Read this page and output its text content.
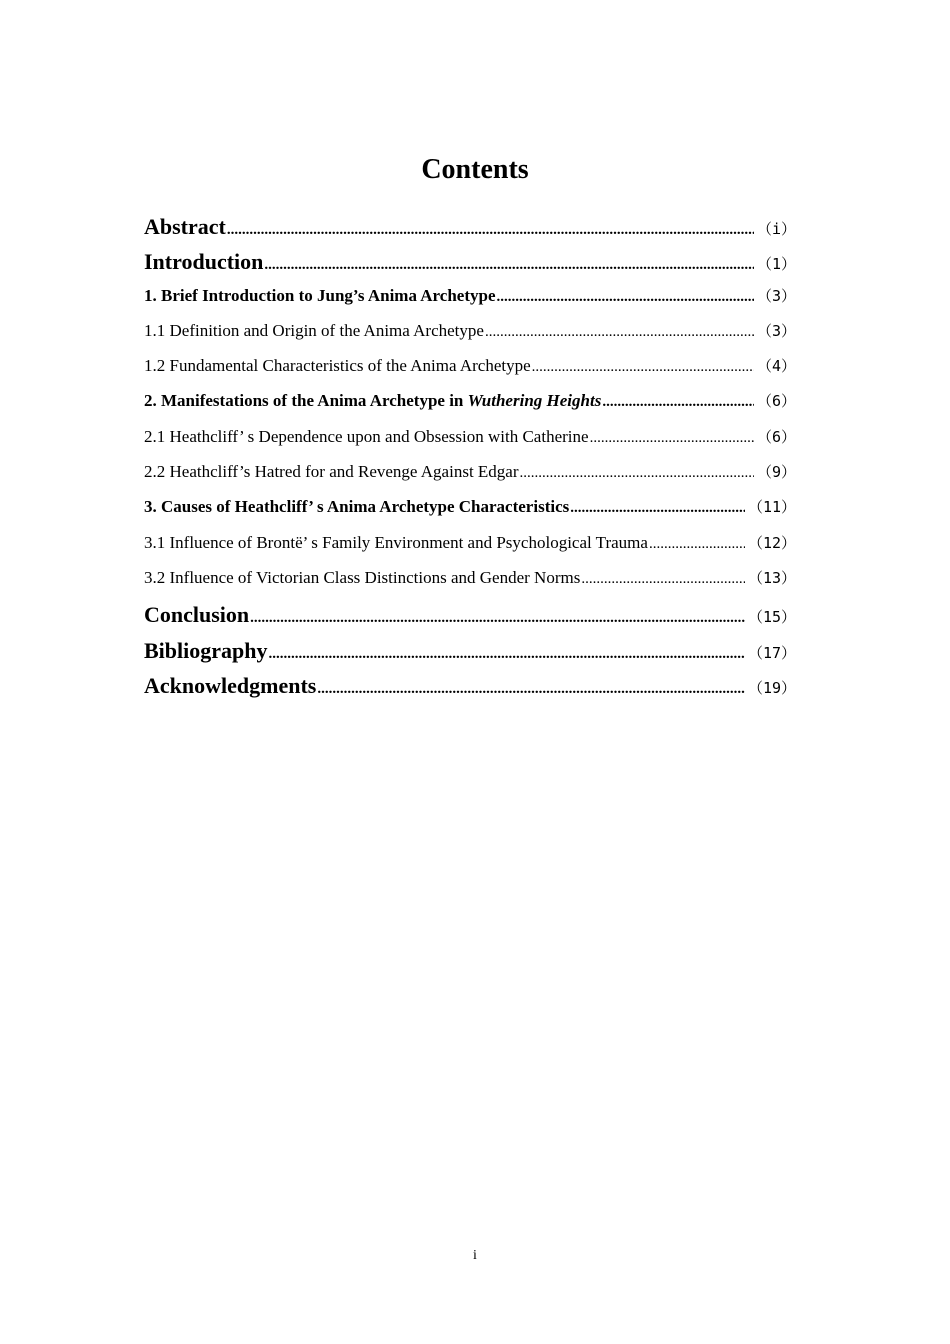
Contents
Abstract .....	（i）
Introduction .....	（1）
1. Brief Introduction to Jung’s Anima Archetype .....	（3）
1.1 Definition and Origin of the Anima Archetype .....	（3）
1.2 Fundamental Characteristics of the Anima Archetype .....	（4）
2. Manifestations of the Anima Archetype in Wuthering Heights .....	（6）
2.1 Heathcliff’ s Dependence upon and Obsession with Catherine .....	（6）
2.2 Heathcliff’s Hatred for and Revenge Against Edgar .....	（9）
3. Causes of Heathcliff’ s Anima Archetype Characteristics .....	（11）
3.1 Influence of Brontë’ s Family Environment and Psychological Trauma .....	（12）
3.2 Influence of Victorian Class Distinctions and Gender Norms .....	（13）
Conclusion .....	（15）
Bibliography .....	（17）
Acknowledgments .....	（19）
i
